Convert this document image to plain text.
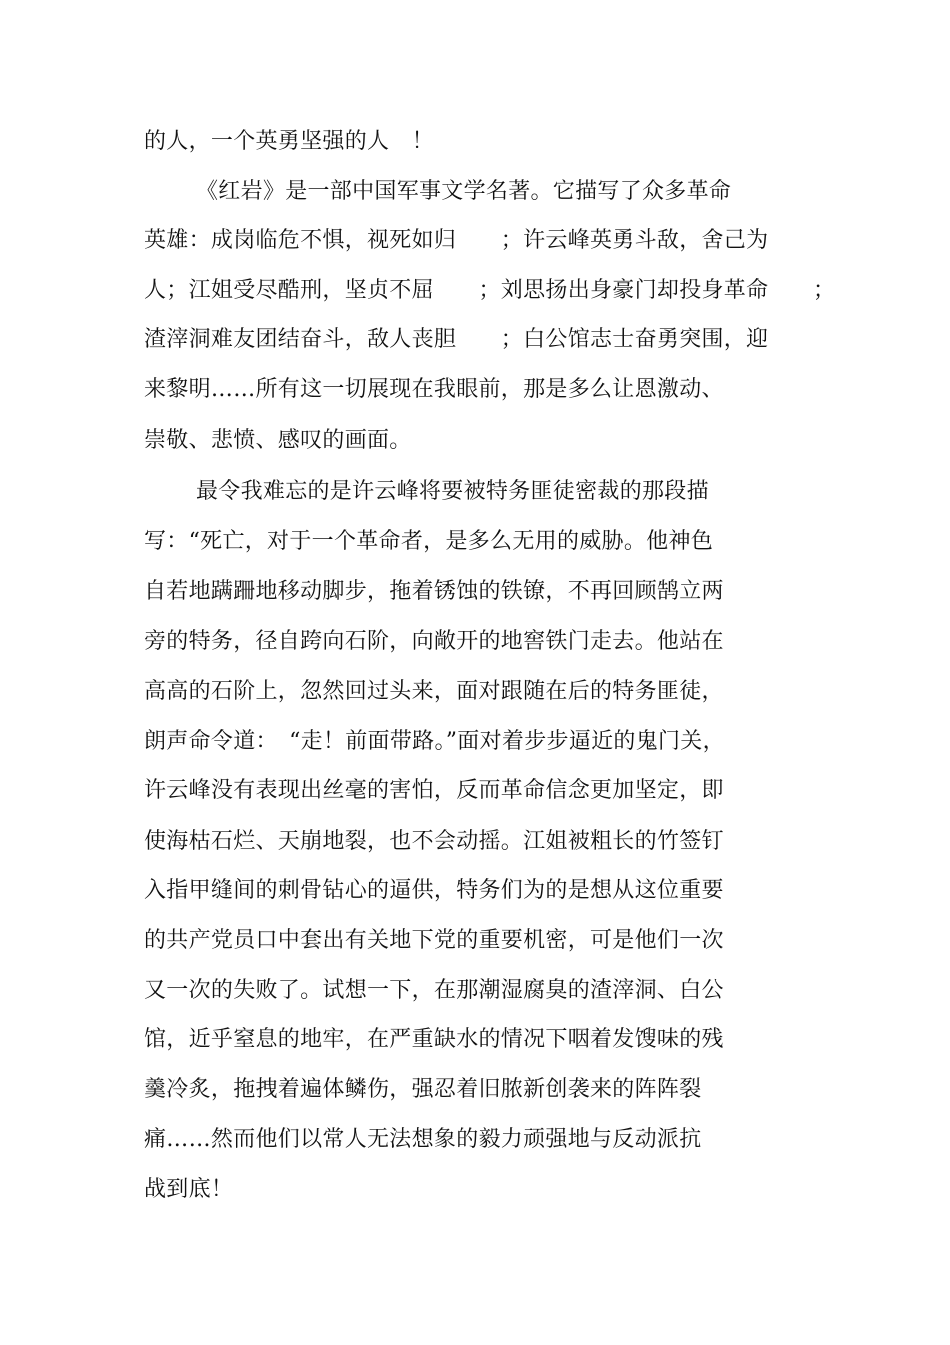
的人，一个英勇坚强的人　！

《红岩》是一部中国军事文学名著。它描写了众多革命

英雄：成岗临危不惧，视死如归　　；许云峰英勇斗敌，舍己为

人；江姐受尽酷刑，坚贞不屈　　；刘思扬出身豪门却投身革命　　；

渣滓洞难友团结奋斗，敌人丧胆　　；白公馆志士奋勇突围，迎

来黎明……所有这一切展现在我眼前，那是多么让恩激动、

崇敬、悲愤、感叹的画面。

最令我难忘的是许云峰将要被特务匪徒密裁的那段描

写：“死亡，对于一个革命者，是多么无用的威胁。他神色

自若地蹒跚地移动脚步，拖着锈蚀的铁镣，不再回顾鹄立两

旁的特务，径自跨向石阶，向敞开的地窖铁门走去。他站在

高高的石阶上，忽然回过头来，面对跟随在后的特务匪徒，

朗声命令道：　“走！前面带路。”面对着步步逼近的鬼门关，

许云峰没有表现出丝毫的害怕，反而革命信念更加坚定，即

使海枯石烂、天崩地裂，也不会动摇。江姐被粗长的竹签钉

入指甲缝间的刺骨钻心的逼供，特务们为的是想从这位重要

的共产党员口中套出有关地下党的重要机密，可是他们一次

又一次的失败了。试想一下，在那潮湿腐臭的渣滓洞、白公

馆，近乎窒息的地牢，在严重缺水的情况下咽着发馊味的残

羹冷炙，拖拽着遍体鳞伤，强忍着旧脓新创袭来的阵阵裂

痛……然而他们以常人无法想象的毅力顽强地与反动派抗

战到底！
